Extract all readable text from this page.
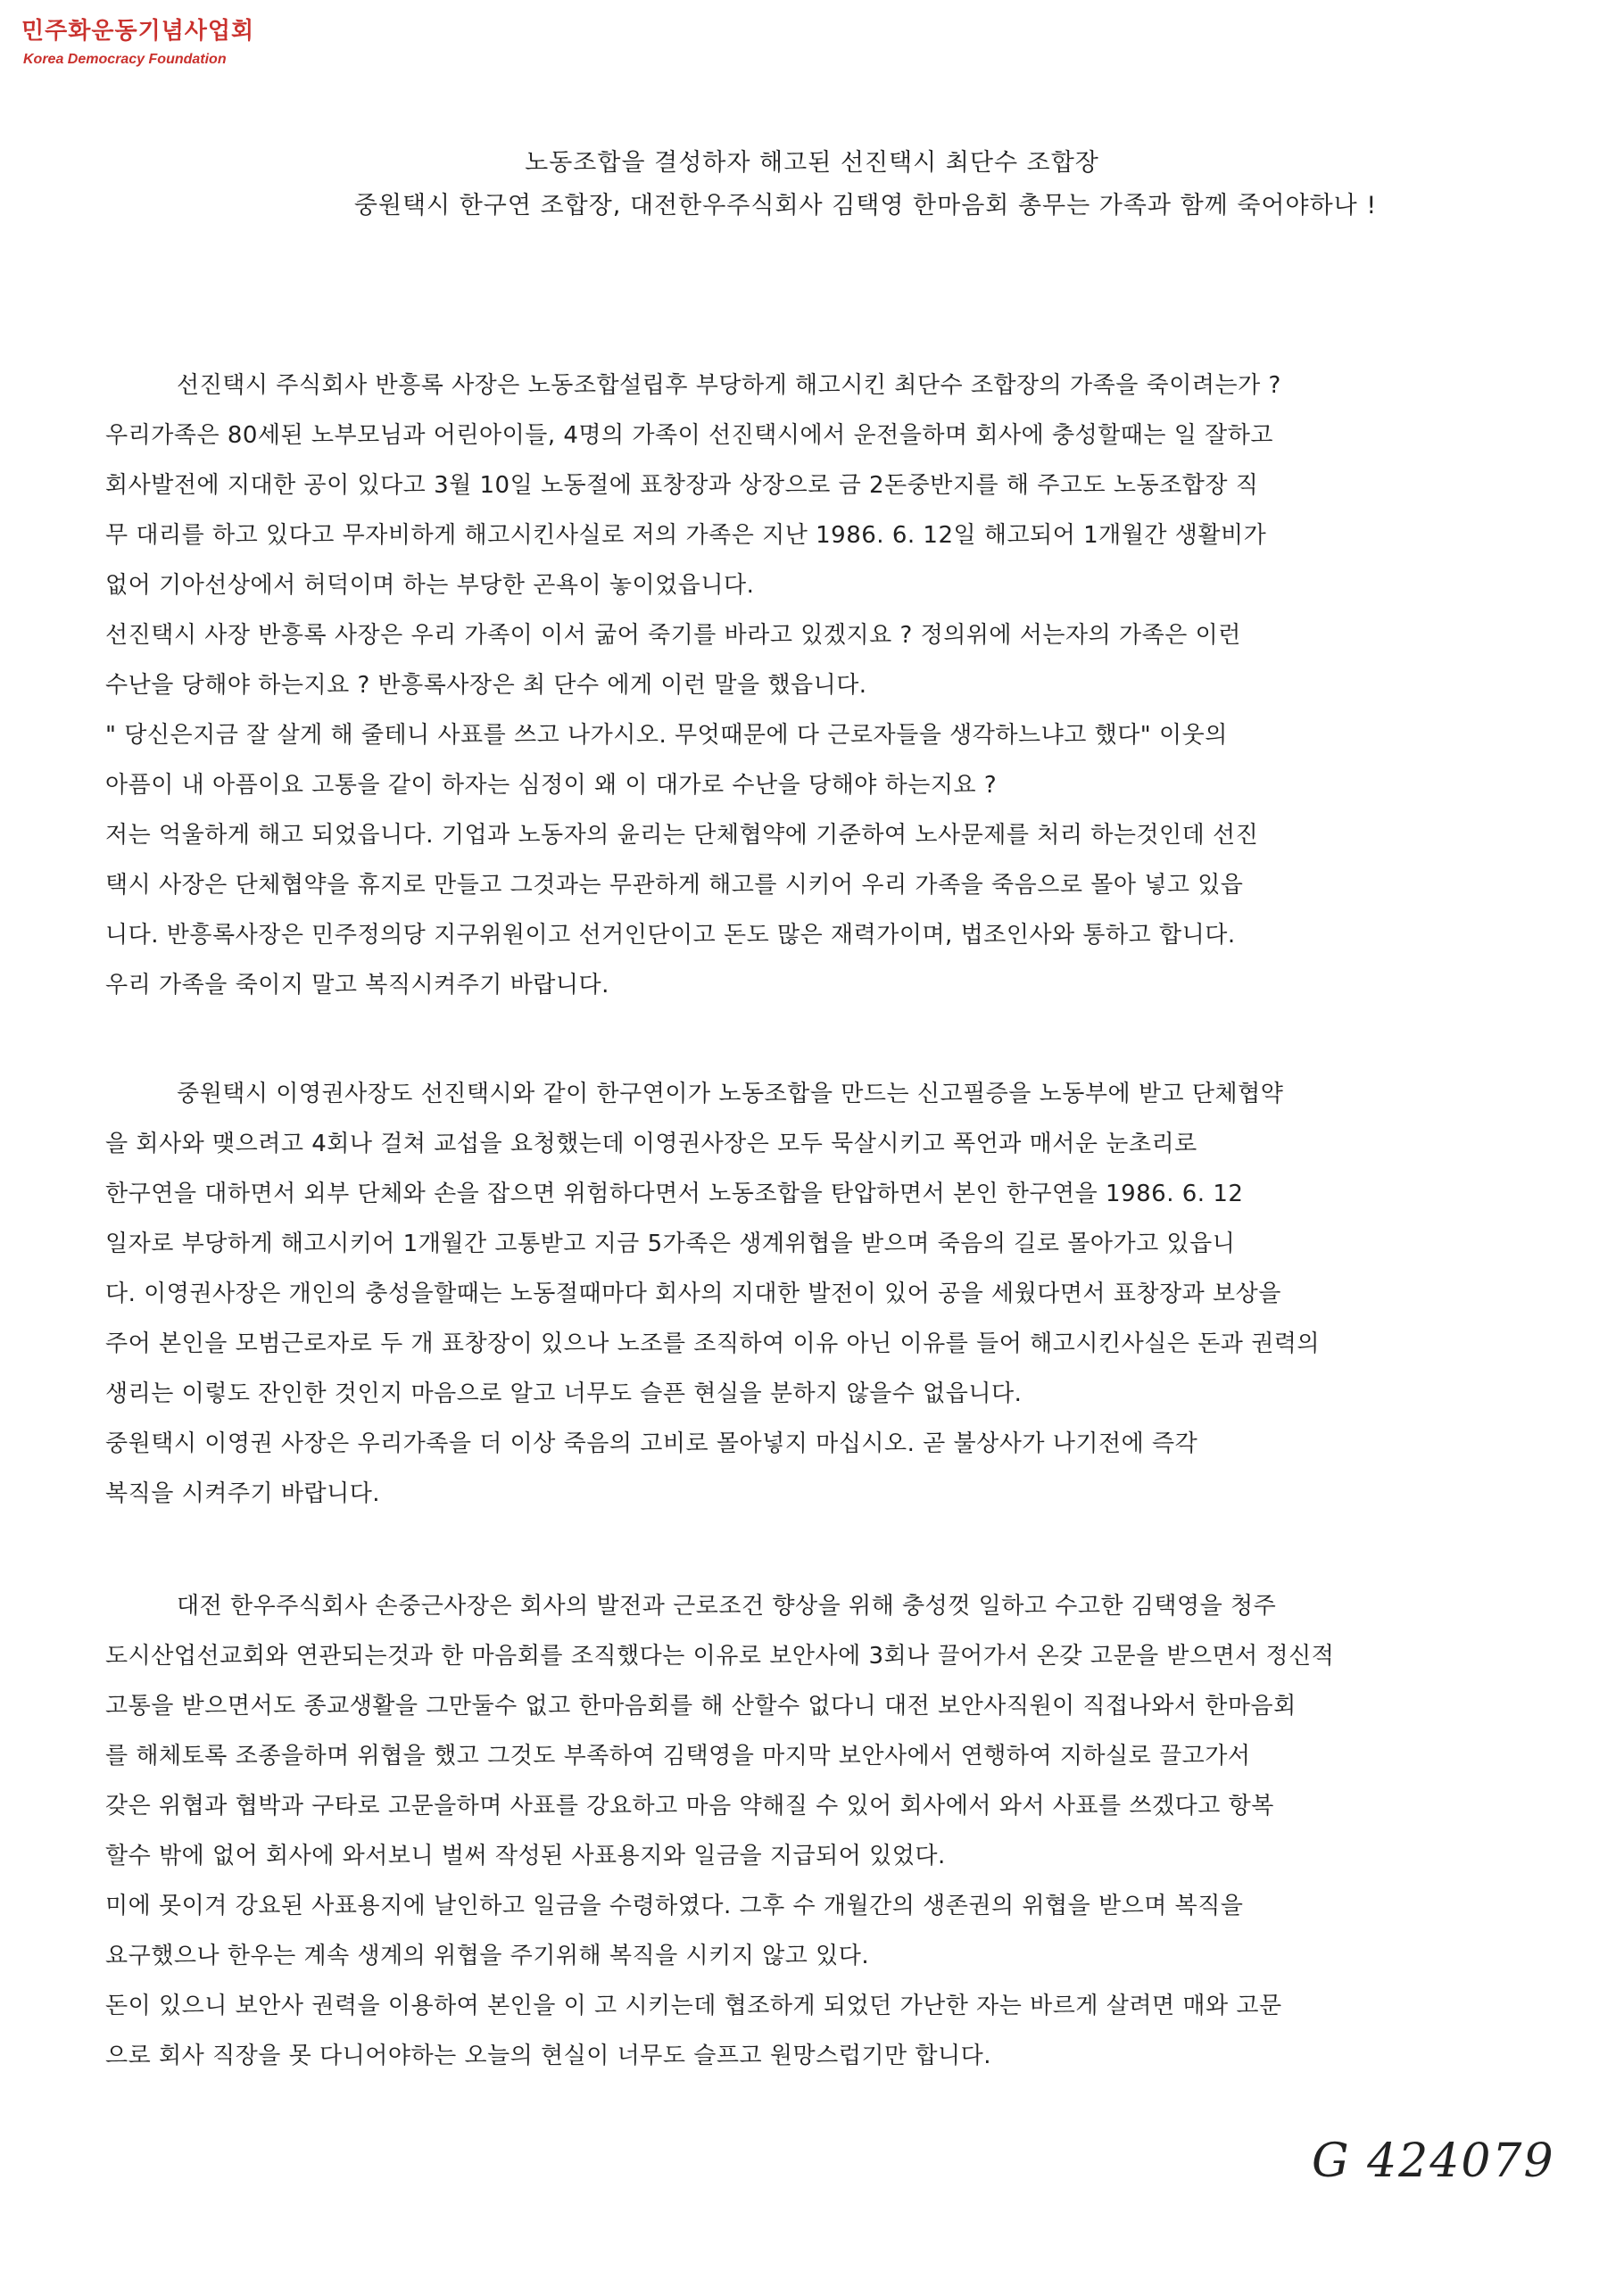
민주화운동기념사업회
Korea Democracy Foundation
노동조합을 결성하자 해고된 선진택시 최단수 조합장
중원택시 한구연 조합장, 대전한우주식회사 김택영 한마음회 총무는 가족과 함께 죽어야하나 !
선진택시 주식회사 반흥록 사장은 노동조합설립후 부당하게 해고시킨 최단수 조합장의 가족을 죽이려는가 ?
우리가족은 80세된 노부모님과 어린아이들, 4명의 가족이 선진택시에서 운전을하며 회사에 충성할때는 일 잘하고
회사발전에 지대한 공이 있다고 3월 10일 노동절에 표창장과 상장으로 금 2돈중반지를 해 주고도 노동조합장 직
무 대리를 하고 있다고 무자비하게 해고시킨사실로 저의 가족은 지난 1986. 6. 12일 해고되어 1개월간 생활비가
없어 기아선상에서 허덕이며 하는 부당한 곤욕이 놓이었읍니다.
선진택시 사장 반흥록 사장은 우리 가족이 이서 굶어 죽기를 바라고 있겠지요 ? 정의위에 서는자의 가족은 이런
수난을 당해야 하는지요 ? 반흥록사장은 최 단수 에게 이런 말을 했읍니다.
" 당신은지금 잘 살게 해 줄테니 사표를 쓰고 나가시오. 무엇때문에 다 근로자들을 생각하느냐고 했다" 이웃의
아픔이 내 아픔이요 고통을 같이 하자는 심정이 왜 이 대가로 수난을 당해야 하는지요 ?
저는 억울하게 해고 되었읍니다. 기업과 노동자의 윤리는 단체협약에 기준하여 노사문제를 처리 하는것인데 선진
택시 사장은 단체협약을 휴지로 만들고 그것과는 무관하게 해고를 시키어 우리 가족을 죽음으로 몰아 넣고 있읍
니다. 반흥록사장은 민주정의당 지구위원이고 선거인단이고 돈도 많은 재력가이며, 법조인사와 통하고 합니다.
우리 가족을 죽이지 말고 복직시켜주기 바랍니다.
중원택시 이영권사장도 선진택시와 같이 한구연이가 노동조합을 만드는 신고필증을 노동부에 받고 단체협약
을 회사와 맺으려고 4회나 걸쳐 교섭을 요청했는데 이영권사장은 모두 묵살시키고 폭언과 매서운 눈초리로
한구연을 대하면서 외부 단체와 손을 잡으면 위험하다면서 노동조합을 탄압하면서 본인 한구연을 1986. 6. 12
일자로 부당하게 해고시키어 1개월간 고통받고 지금 5가족은 생계위협을 받으며 죽음의 길로 몰아가고 있읍니
다. 이영권사장은 개인의 충성을할때는 노동절때마다 회사의 지대한 발전이 있어 공을 세웠다면서 표창장과 보상을
주어 본인을 모범근로자로 두 개 표창장이 있으나 노조를 조직하여 이유 아닌 이유를 들어 해고시킨사실은 돈과 권력의
생리는 이렇도 잔인한 것인지 마음으로 알고 너무도 슬픈 현실을 분하지 않을수 없읍니다.
중원택시 이영권 사장은 우리가족을 더 이상 죽음의 고비로 몰아넣지 마십시오. 곧 불상사가 나기전에 즉각
복직을 시켜주기 바랍니다.
대전 한우주식회사 손중근사장은 회사의 발전과 근로조건 향상을 위해 충성껏 일하고 수고한 김택영을 청주
도시산업선교회와 연관되는것과 한 마음회를 조직했다는 이유로 보안사에 3회나 끌어가서 온갖 고문을 받으면서 정신적
고통을 받으면서도 종교생활을 그만둘수 없고 한마음회를 해 산할수 없다니 대전 보안사직원이 직접나와서 한마음회
를 해체토록 조종을하며 위협을 했고 그것도 부족하여 김택영을 마지막 보안사에서 연행하여 지하실로 끌고가서
갖은 위협과 협박과 구타로 고문을하며 사표를 강요하고 마음 약해질 수 있어 회사에서 와서 사표를 쓰겠다고 항복
할수 밖에 없어 회사에 와서보니 벌써 작성된 사표용지와 일금을 지급되어 있었다.
미에 못이겨 강요된 사표용지에 날인하고 일금을 수령하였다. 그후 수 개월간의 생존권의 위협을 받으며 복직을
요구했으나 한우는 계속 생계의 위협을 주기위해 복직을 시키지 않고 있다.
돈이 있으니 보안사 권력을 이용하여 본인을 이 고 시키는데 협조하게 되었던 가난한 자는 바르게 살려면 매와 고문
으로 회사 직장을 못 다니어야하는 오늘의 현실이 너무도 슬프고 원망스럽기만 합니다.
G 424079
